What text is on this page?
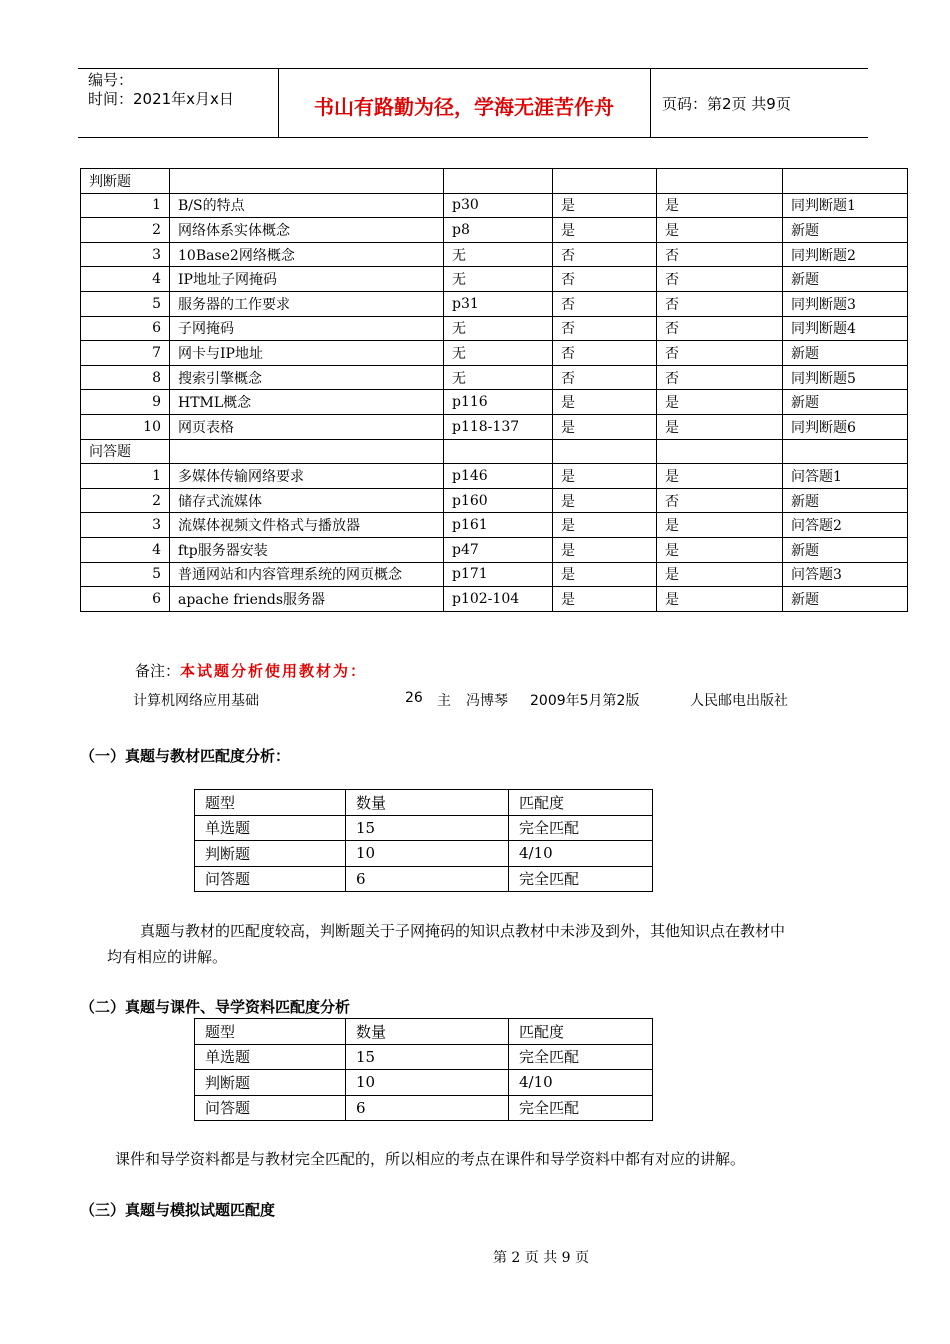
编号：
时间：2021年x月x日	书山有路勤为径，学海无涯苦作舟	页码：第2页 共9页
判断题					
1	B/S的特点	p30	是	是	同判断题1
2	网络体系实体概念	p8	是	是	新题
3	10Base2网络概念	无	否	否	同判断题2
4	IP地址子网掩码	无	否	否	新题
5	服务器的工作要求	p31	否	否	同判断题3
6	子网掩码	无	否	否	同判断题4
7	网卡与IP地址	无	否	否	新题
8	搜索引擎概念	无	否	否	同判断题5
9	HTML概念	p116	是	是	新题
10	网页表格	p118-137	是	是	同判断题6
问答题					
1	多媒体传输网络要求	p146	是	是	问答题1
2	储存式流媒体	p160	是	否	新题
3	流媒体视频文件格式与播放器	p161	是	是	问答题2
4	ftp服务器安装	p47	是	是	新题
5	普通网站和内容管理系统的网页概念	p171	是	是	问答题3
6	apache friends服务器	p102-104	是	是	新题
备注：本试题分析使用教材为：
计算机网络应用基础	26 主 冯博琴 2009年5月第2版	人民邮电出版社
（一）真题与教材匹配度分析：
题型	数量	匹配度
单选题	15	完全匹配
判断题	10	4/10
问答题	6	完全匹配
真题与教材的匹配度较高，判断题关于子网掩码的知识点教材中未涉及到外，其他知识点在教材中
均有相应的讲解。
（二）真题与课件、导学资料匹配度分析
题型	数量	匹配度
单选题	15	完全匹配
判断题	10	4/10
问答题	6	完全匹配
课件和导学资料都是与教材完全匹配的，所以相应的考点在课件和导学资料中都有对应的讲解。
（三）真题与模拟试题匹配度
第 2 页 共 9 页
